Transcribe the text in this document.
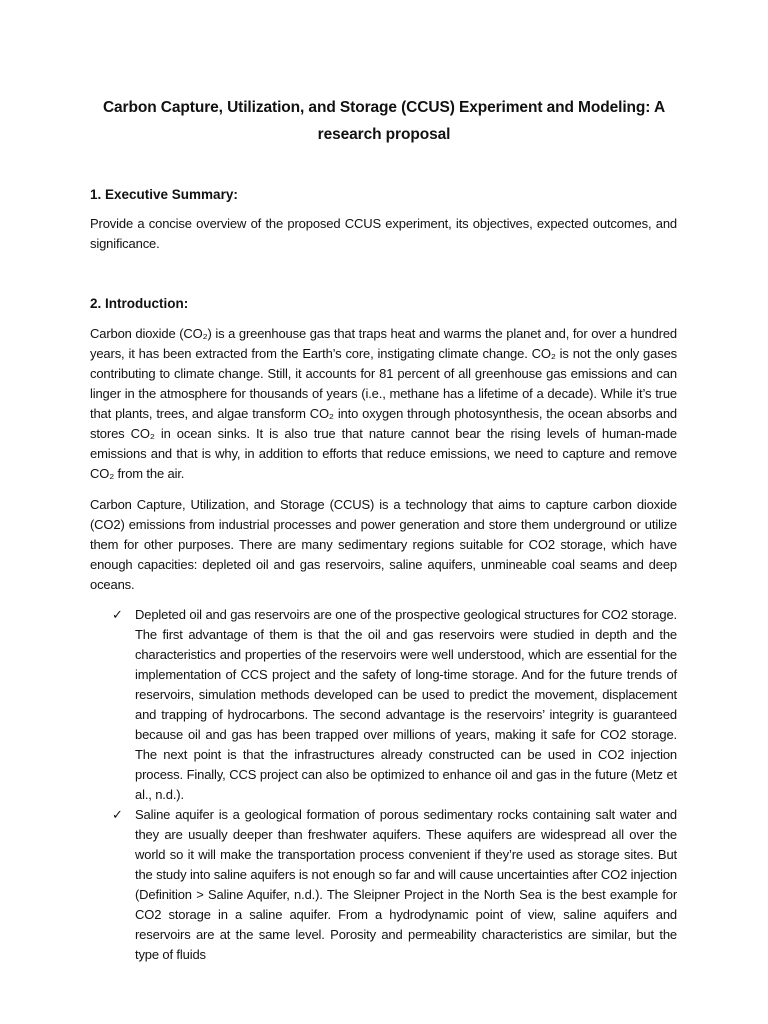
Carbon Capture, Utilization, and Storage (CCUS) Experiment and Modeling: A research proposal
1. Executive Summary:
Provide a concise overview of the proposed CCUS experiment, its objectives, expected outcomes, and significance.
2. Introduction:
Carbon dioxide (CO₂) is a greenhouse gas that traps heat and warms the planet and, for over a hundred years, it has been extracted from the Earth’s core, instigating climate change. CO₂ is not the only gases contributing to climate change. Still, it accounts for 81 percent of all greenhouse gas emissions and can linger in the atmosphere for thousands of years (i.e., methane has a lifetime of a decade). While it’s true that plants, trees, and algae transform CO₂ into oxygen through photosynthesis, the ocean absorbs and stores CO₂ in ocean sinks. It is also true that nature cannot bear the rising levels of human-made emissions and that is why, in addition to efforts that reduce emissions, we need to capture and remove CO₂ from the air.
Carbon Capture, Utilization, and Storage (CCUS) is a technology that aims to capture carbon dioxide (CO2) emissions from industrial processes and power generation and store them underground or utilize them for other purposes. There are many sedimentary regions suitable for CO2 storage, which have enough capacities: depleted oil and gas reservoirs, saline aquifers, unmineable coal seams and deep oceans.
✓ Depleted oil and gas reservoirs are one of the prospective geological structures for CO2 storage. The first advantage of them is that the oil and gas reservoirs were studied in depth and the characteristics and properties of the reservoirs were well understood, which are essential for the implementation of CCS project and the safety of long-time storage. And for the future trends of reservoirs, simulation methods developed can be used to predict the movement, displacement and trapping of hydrocarbons. The second advantage is the reservoirs’ integrity is guaranteed because oil and gas has been trapped over millions of years, making it safe for CO2 storage. The next point is that the infrastructures already constructed can be used in CO2 injection process. Finally, CCS project can also be optimized to enhance oil and gas in the future (Metz et al., n.d.).
✓ Saline aquifer is a geological formation of porous sedimentary rocks containing salt water and they are usually deeper than freshwater aquifers. These aquifers are widespread all over the world so it will make the transportation process convenient if they’re used as storage sites. But the study into saline aquifers is not enough so far and will cause uncertainties after CO2 injection (Definition > Saline Aquifer, n.d.). The Sleipner Project in the North Sea is the best example for CO2 storage in a saline aquifer. From a hydrodynamic point of view, saline aquifers and reservoirs are at the same level. Porosity and permeability characteristics are similar, but the type of fluids
